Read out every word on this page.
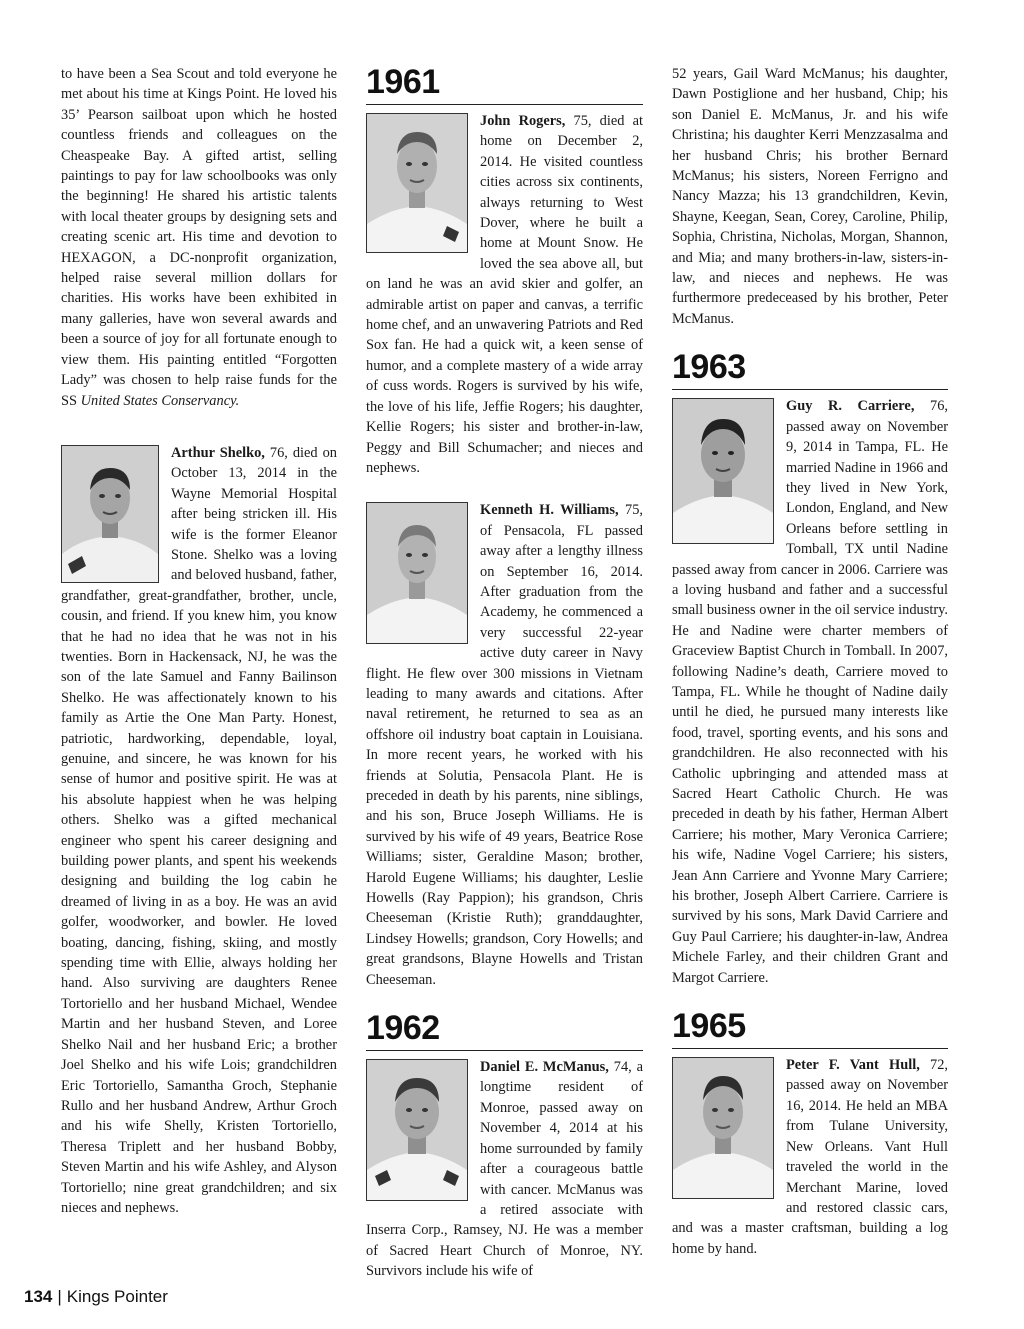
to have been a Sea Scout and told everyone he met about his time at Kings Point. He loved his 35’ Pearson sailboat upon which he hosted countless friends and colleagues on the Cheaspeake Bay. A gifted artist, selling paintings to pay for law schoolbooks was only the beginning! He shared his artistic talents with local theater groups by designing sets and creating scenic art. His time and devotion to HEXAGON, a DC-nonprofit organization, helped raise several million dollars for charities. His works have been exhibited in many galleries, have won several awards and been a source of joy for all fortunate enough to view them. His painting entitled “Forgotten Lady” was chosen to help raise funds for the SS United States Conservancy.

Arthur Shelko, 76, died on October 13, 2014 in the Wayne Memorial Hospital after being stricken ill. His wife is the former Eleanor Stone. Shelko was a loving and beloved husband, father, grandfather, great-grandfather, brother, uncle, cousin, and friend. If you knew him, you know that he had no idea that he was not in his twenties. Born in Hackensack, NJ, he was the son of the late Samuel and Fanny Bailinson Shelko. He was affectionately known to his family as Artie the One Man Party. Honest, patriotic, hardworking, dependable, loyal, genuine, and sincere, he was known for his sense of humor and positive spirit. He was at his absolute happiest when he was helping others. Shelko was a gifted mechanical engineer who spent his career designing and building power plants, and spent his weekends designing and building the log cabin he dreamed of living in as a boy. He was an avid golfer, woodworker, and bowler. He loved boating, dancing, fishing, skiing, and mostly spending time with Ellie, always holding her hand. Also surviving are daughters Renee Tortoriello and her husband Michael, Wendee Martin and her husband Steven, and Loree Shelko Nail and her husband Eric; a brother Joel Shelko and his wife Lois; grandchildren Eric Tortoriello, Samantha Groch, Stephanie Rullo and her husband Andrew, Arthur Groch and his wife Shelly, Kristen Tortoriello, Theresa Triplett and her husband Bobby, Steven Martin and his wife Ashley, and Alyson Tortoriello; nine great grandchildren; and six nieces and nephews.

1961

John Rogers, 75, died at home on December 2, 2014. He visited countless cities across six continents, always returning to West Dover, where he built a home at Mount Snow. He loved the sea above all, but on land he was an avid skier and golfer, an admirable artist on paper and canvas, a terrific home chef, and an unwavering Patriots and Red Sox fan. He had a quick wit, a keen sense of humor, and a complete mastery of a wide array of cuss words. Rogers is survived by his wife, the love of his life, Jeffie Rogers; his daughter, Kellie Rogers; his sister and brother-in-law, Peggy and Bill Schumacher; and nieces and nephews.

Kenneth H. Williams, 75, of Pensacola, FL passed away after a lengthy illness on September 16, 2014. After graduation from the Academy, he commenced a very successful 22-year active duty career in Navy flight. He flew over 300 missions in Vietnam leading to many awards and citations. After naval retirement, he returned to sea as an offshore oil industry boat captain in Louisiana. In more recent years, he worked with his friends at Solutia, Pensacola Plant. He is preceded in death by his parents, nine siblings, and his son, Bruce Joseph Williams. He is survived by his wife of 49 years, Beatrice Rose Williams; sister, Geraldine Mason; brother, Harold Eugene Williams; his daughter, Leslie Howells (Ray Pappion); his grandson, Chris Cheeseman (Kristie Ruth); granddaughter, Lindsey Howells; grandson, Cory Howells; and great grandsons, Blayne Howells and Tristan Cheeseman.

1962

Daniel E. McManus, 74, a longtime resident of Monroe, passed away on November 4, 2014 at his home surrounded by family after a courageous battle with cancer. McManus was a retired associate with Inserra Corp., Ramsey, NJ. He was a member of Sacred Heart Church of Monroe, NY. Survivors include his wife of

52 years, Gail Ward McManus; his daughter, Dawn Postiglione and her husband, Chip; his son Daniel E. McManus, Jr. and his wife Christina; his daughter Kerri Menzzasalma and her husband Chris; his brother Bernard McManus; his sisters, Noreen Ferrigno and Nancy Mazza; his 13 grandchildren, Kevin, Shayne, Keegan, Sean, Corey, Caroline, Philip, Sophia, Christina, Nicholas, Morgan, Shannon, and Mia; and many brothers-in-law, sisters-in-law, and nieces and nephews. He was furthermore predeceased by his brother, Peter McManus.

1963

Guy R. Carriere, 76, passed away on November 9, 2014 in Tampa, FL. He married Nadine in 1966 and they lived in New York, London, England, and New Orleans before settling in Tomball, TX until Nadine passed away from cancer in 2006. Carriere was a loving husband and father and a successful small business owner in the oil service industry. He and Nadine were charter members of Graceview Baptist Church in Tomball. In 2007, following Nadine’s death, Carriere moved to Tampa, FL. While he thought of Nadine daily until he died, he pursued many interests like food, travel, sporting events, and his sons and grandchildren. He also reconnected with his Catholic upbringing and attended mass at Sacred Heart Catholic Church. He was preceded in death by his father, Herman Albert Carriere; his mother, Mary Veronica Carriere; his wife, Nadine Vogel Carriere; his sisters, Jean Ann Carriere and Yvonne Mary Carriere; his brother, Joseph Albert Carriere. Carriere is survived by his sons, Mark David Carriere and Guy Paul Carriere; his daughter-in-law, Andrea Michele Farley, and their children Grant and Margot Carriere.

1965

Peter F. Vant Hull, 72, passed away on November 16, 2014. He held an MBA from Tulane University, New Orleans. Vant Hull traveled the world in the Merchant Marine, loved and restored classic cars, and was a master craftsman, building a log home by hand.

134 | Kings Pointer
